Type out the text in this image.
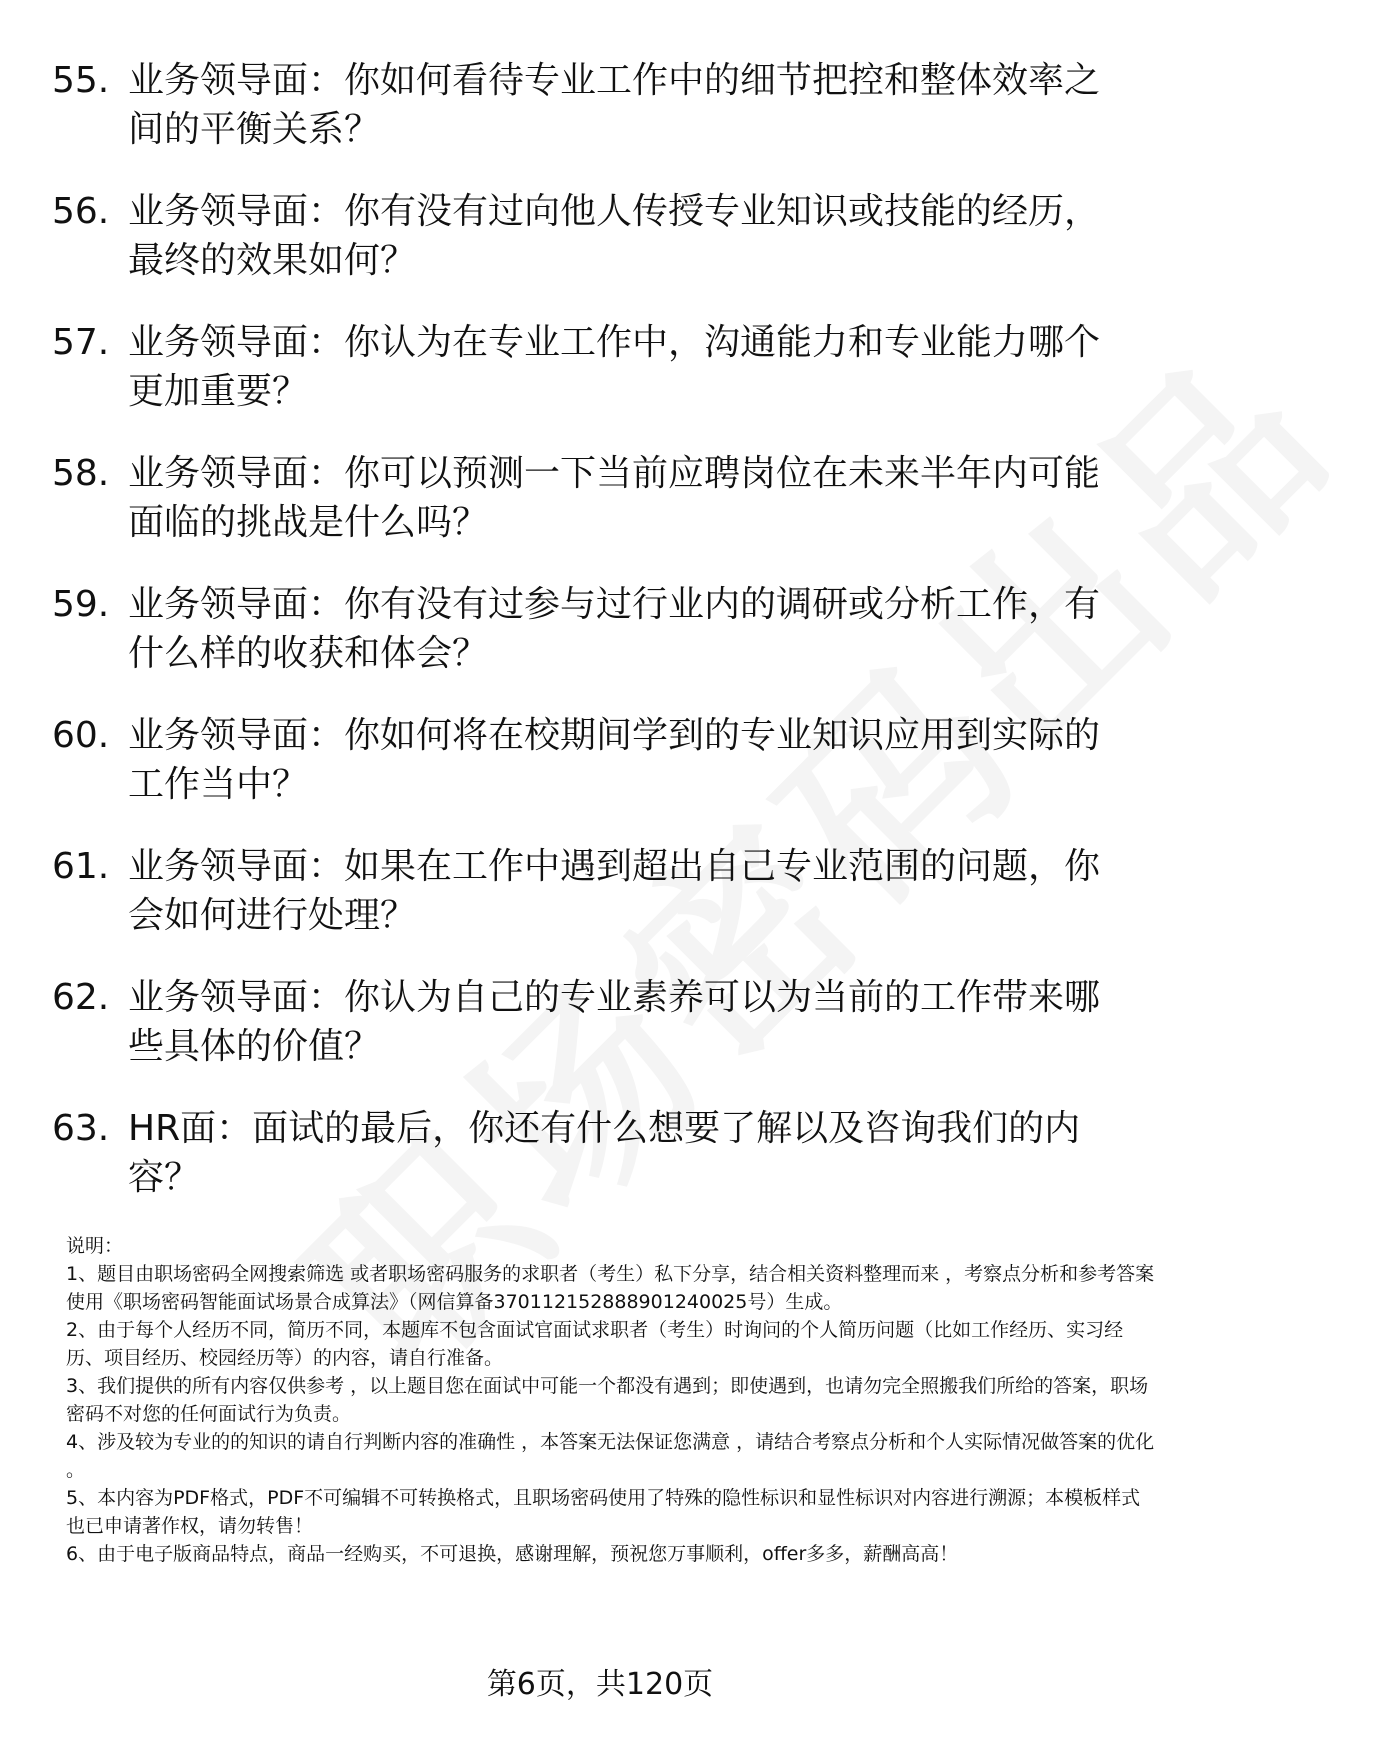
55. 业务领导面：你如何看待专业工作中的细节把控和整体效率之间的平衡关系？
56. 业务领导面：你有没有过向他人传授专业知识或技能的经历，最终的效果如何？
57. 业务领导面：你认为在专业工作中，沟通能力和专业能力哪个更加重要？
58. 业务领导面：你可以预测一下当前应聘岗位在未来半年内可能面临的挑战是什么吗？
59. 业务领导面：你有没有过参与过行业内的调研或分析工作，有什么样的收获和体会？
60. 业务领导面：你如何将在校期间学到的专业知识应用到实际的工作当中？
61. 业务领导面：如果在工作中遇到超出自己专业范围的问题，你会如何进行处理？
62. 业务领导面：你认为自己的专业素养可以为当前的工作带来哪些具体的价值？
63. HR面：面试的最后，你还有什么想要了解以及咨询我们的内容？

说明：

1、题目由职场密码全网搜索筛选 或者职场密码服务的求职者（考生）私下分享，结合相关资料整理而来 ，考察点分析和参考答案使用《职场密码智能面试场景合成算法》（网信算备370112152888901240025号）生成。

2、由于每个人经历不同，简历不同，本题库不包含面试官面试求职者（考生）时询问的个人简历问题（比如工作经历、实习经历、项目经历、校园经历等）的内容，请自行准备。

3、我们提供的所有内容仅供参考 ，以上题目您在面试中可能一个都没有遇到；即使遇到，也请勿完全照搬我们所给的答案，职场密码不对您的任何面试行为负责。

4、涉及较为专业的的知识的请自行判断内容的准确性 ，本答案无法保证您满意 ，请结合考察点分析和个人实际情况做答案的优化 。

5、本内容为PDF格式，PDF不可编辑不可转换格式，且职场密码使用了特殊的隐性标识和显性标识对内容进行溯源；本模板样式也已申请著作权，请勿转售！

6、由于电子版商品特点，商品一经购买，不可退换，感谢理解，预祝您万事顺利，offer多多，薪酬高高！

第6页，共120页
